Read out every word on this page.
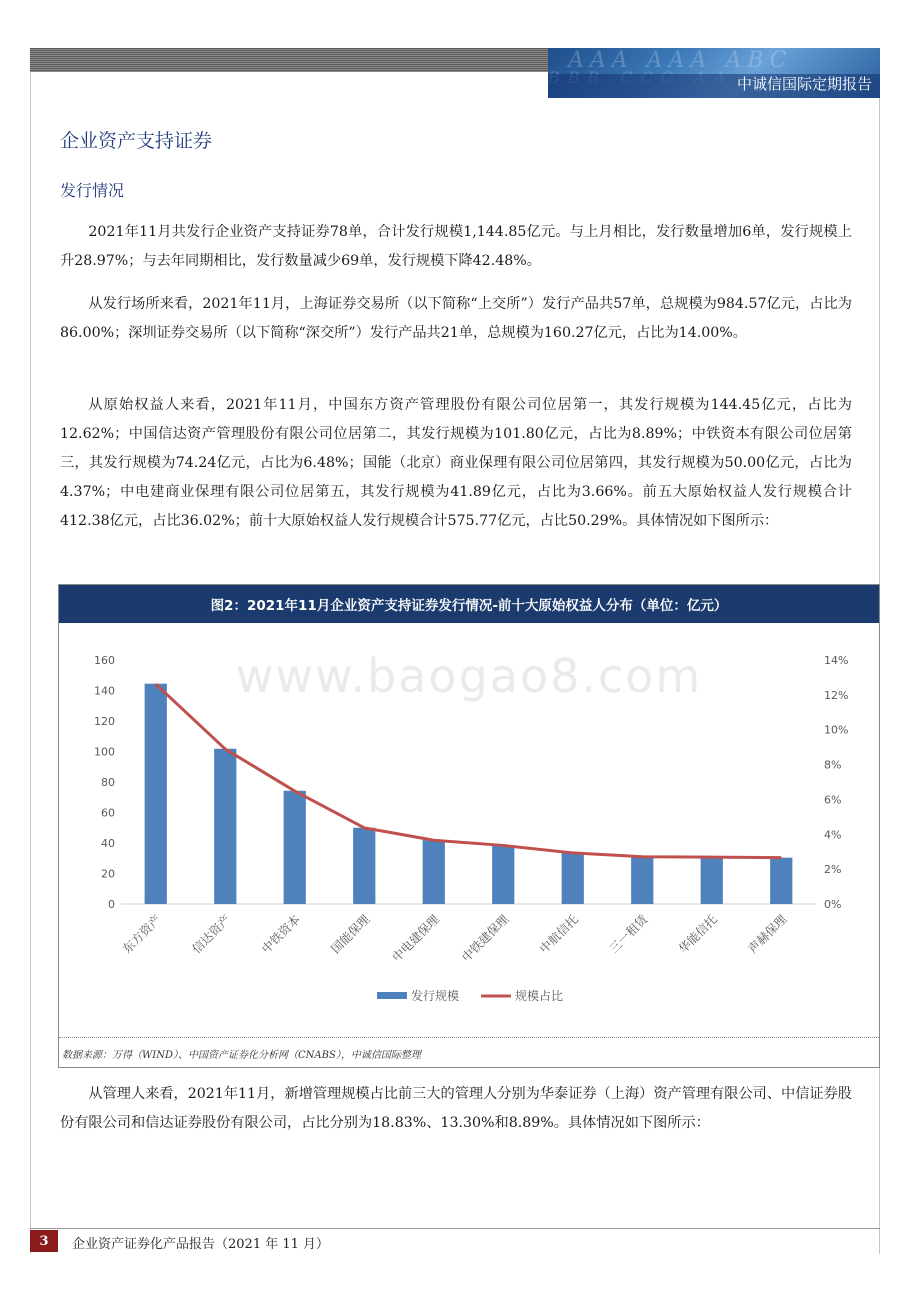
AAA AAA ABC
中诚信国际定期报告
企业资产支持证券
发行情况

2021年11月共发行企业资产支持证券78单，合计发行规模1,144.85亿元。与上月相比，发行数量增加6单，发行规模上升28.97%；与去年同期相比，发行数量减少69单，发行规模下降42.48%。

从发行场所来看，2021年11月，上海证券交易所（以下简称“上交所”）发行产品共57单，总规模为984.57亿元，占比为86.00%；深圳证券交易所（以下简称“深交所”）发行产品共21单，总规模为160.27亿元，占比为14.00%。

从原始权益人来看，2021年11月，中国东方资产管理股份有限公司位居第一，其发行规模为144.45亿元，占比为12.62%；中国信达资产管理股份有限公司位居第二，其发行规模为101.80亿元，占比为8.89%；中铁资本有限公司位居第三，其发行规模为74.24亿元，占比为6.48%；国能（北京）商业保理有限公司位居第四，其发行规模为50.00亿元，占比为4.37%；中电建商业保理有限公司位居第五，其发行规模为41.89亿元，占比为3.66%。前五大原始权益人发行规模合计412.38亿元，占比36.02%；前十大原始权益人发行规模合计575.77亿元，占比50.29%。具体情况如下图所示：

图2：2021年11月企业资产支持证券发行情况-前十大原始权益人分布（单位：亿元）
www.baogao8.com
0
20
40
60
80
100
120
140
160
0%
2%
4%
6%
8%
10%
12%
14%
东方资产 信达资产 中铁资本 国能保理 中电建保理 中铁建保理 中航信托 三一租赁 华能信托 声赫保理
发行规模	规模占比
数据来源：万得（WIND）、中国资产证券化分析网（CNABS），中诚信国际整理

从管理人来看，2021年11月，新增管理规模占比前三大的管理人分别为华泰证券（上海）资产管理有限公司、中信证券股份有限公司和信达证券股份有限公司，占比分别为18.83%、13.30%和8.89%。具体情况如下图所示：

3	企业资产证券化产品报告（2021 年 11 月）
